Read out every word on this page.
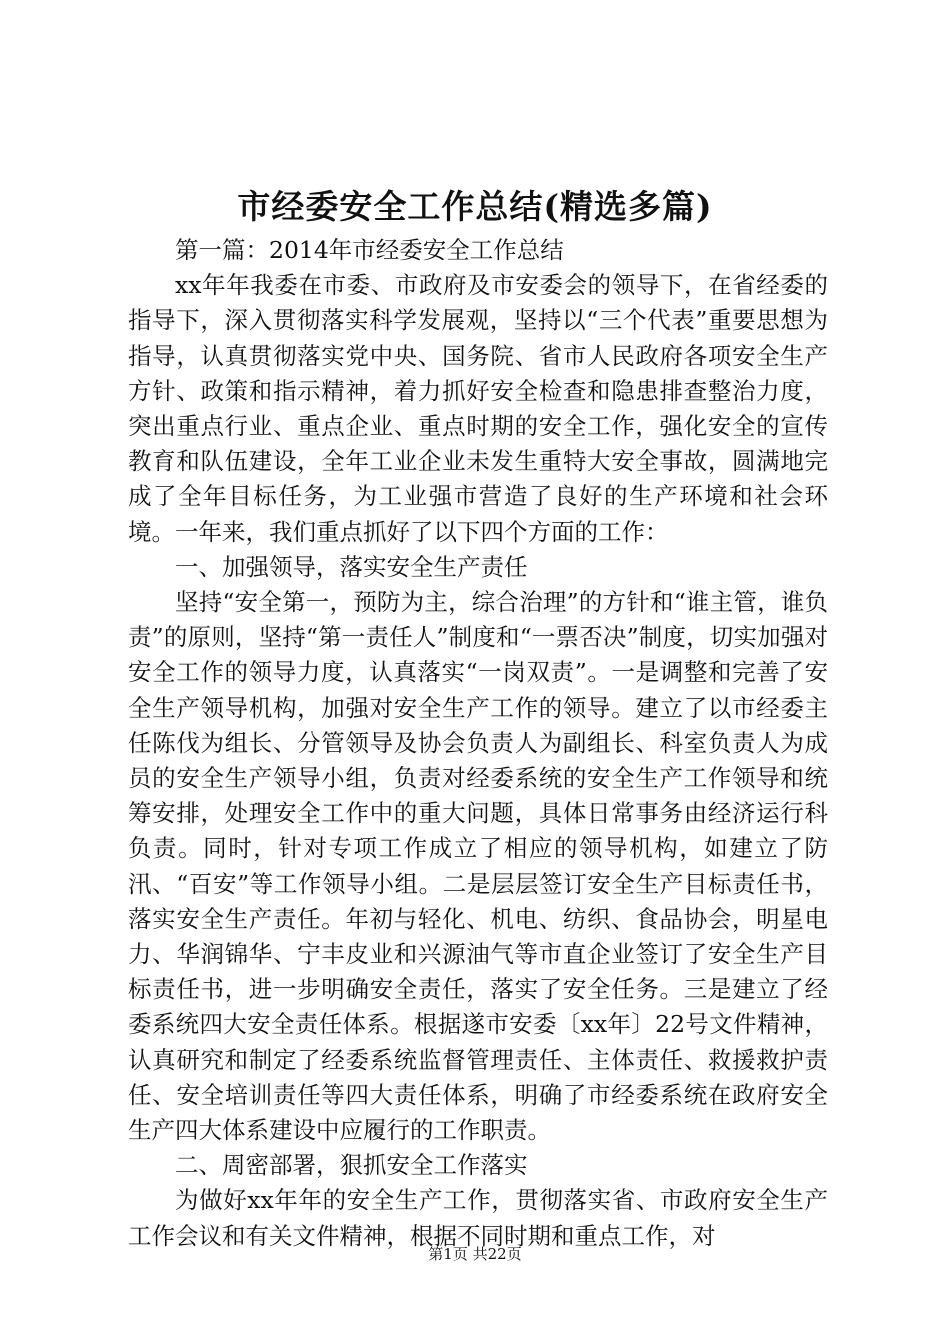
市经委安全工作总结(精选多篇)

第一篇：2014年市经委安全工作总结

xx年年我委在市委、市政府及市安委会的领导下，在省经委的指导下，深入贯彻落实科学发展观，坚持以“三个代表”重要思想为指导，认真贯彻落实党中央、国务院、省市人民政府各项安全生产方针、政策和指示精神，着力抓好安全检查和隐患排查整治力度，突出重点行业、重点企业、重点时期的安全工作，强化安全的宣传教育和队伍建设，全年工业企业未发生重特大安全事故，圆满地完成了全年目标任务，为工业强市营造了良好的生产环境和社会环境。一年来，我们重点抓好了以下四个方面的工作：

一、加强领导，落实安全生产责任

坚持“安全第一，预防为主，综合治理”的方针和“谁主管，谁负责”的原则，坚持“第一责任人”制度和“一票否决”制度，切实加强对安全工作的领导力度，认真落实“一岗双责”。一是调整和完善了安全生产领导机构，加强对安全生产工作的领导。建立了以市经委主任陈伐为组长、分管领导及协会负责人为副组长、科室负责人为成员的安全生产领导小组，负责对经委系统的安全生产工作领导和统筹安排，处理安全工作中的重大问题，具体日常事务由经济运行科负责。同时，针对专项工作成立了相应的领导机构，如建立了防汛、“百安”等工作领导小组。二是层层签订安全生产目标责任书，落实安全生产责任。年初与轻化、机电、纺织、食品协会，明星电力、华润锦华、宁丰皮业和兴源油气等市直企业签订了安全生产目标责任书，进一步明确安全责任，落实了安全任务。三是建立了经委系统四大安全责任体系。根据遂市安委〔xx年〕22号文件精神，认真研究和制定了经委系统监督管理责任、主体责任、救援救护责任、安全培训责任等四大责任体系，明确了市经委系统在政府安全生产四大体系建设中应履行的工作职责。

二、周密部署，狠抓安全工作落实

为做好xx年年的安全生产工作，贯彻落实省、市政府安全生产工作会议和有关文件精神，根据不同时期和重点工作，对

第1页 共22页
